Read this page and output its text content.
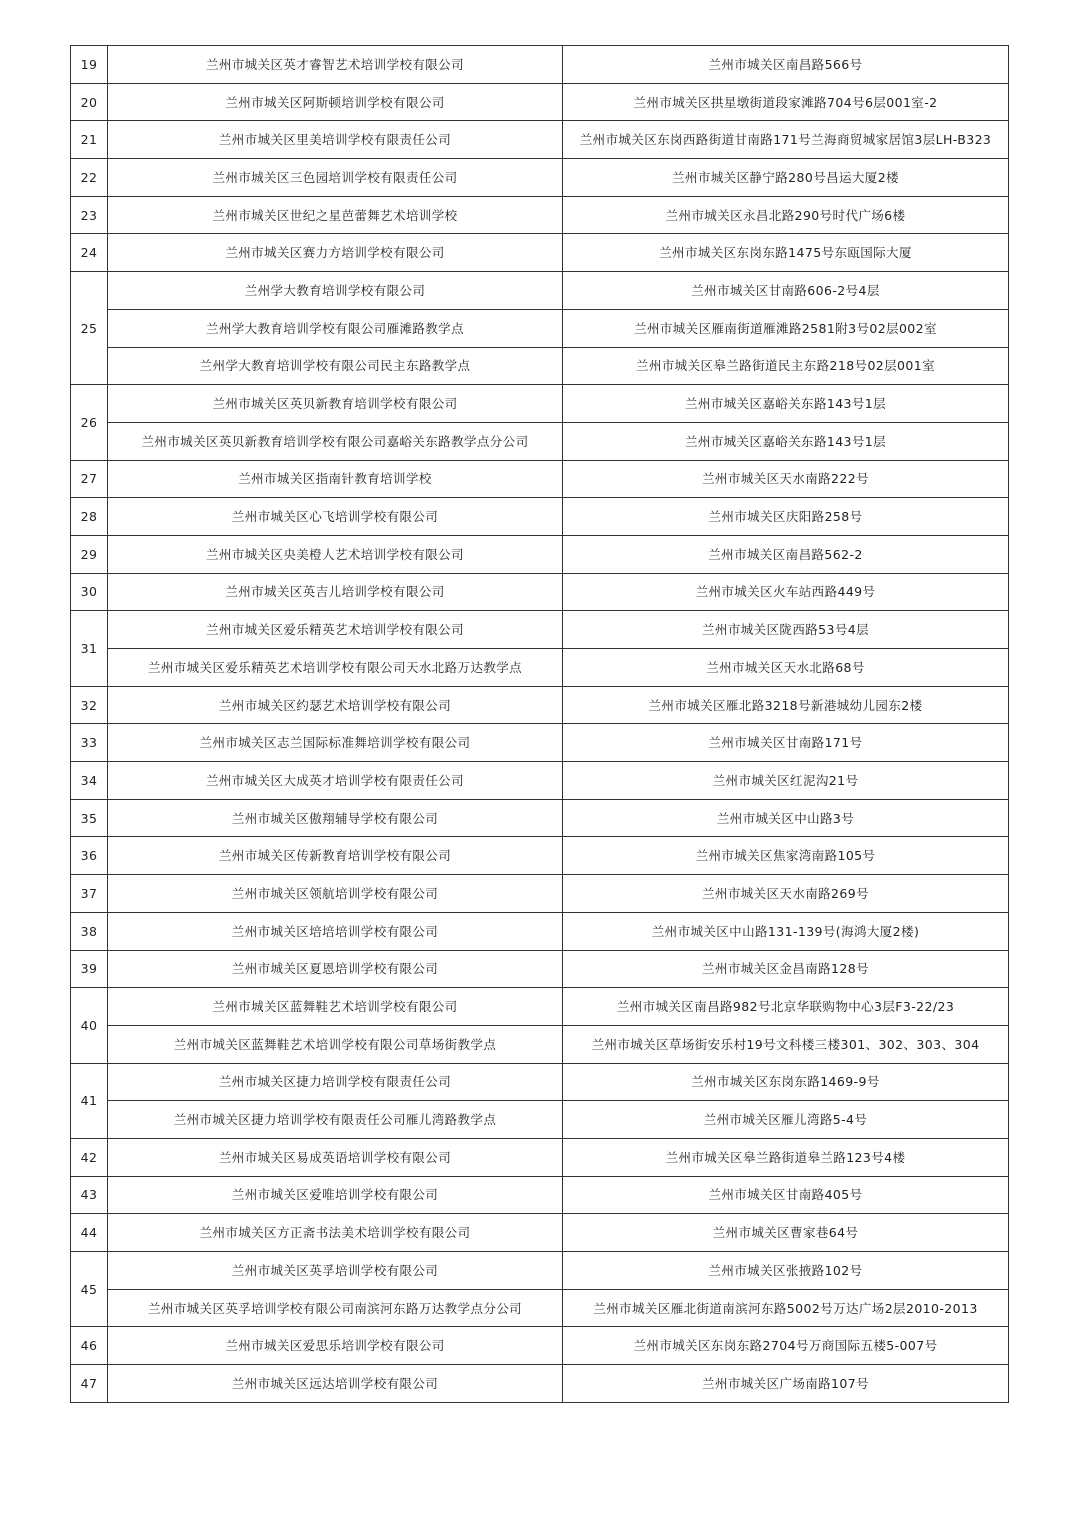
19	兰州市城关区英才睿智艺术培训学校有限公司	兰州市城关区南昌路566号
20	兰州市城关区阿斯顿培训学校有限公司	兰州市城关区拱星墩街道段家滩路704号6层001室-2
21	兰州市城关区里美培训学校有限责任公司	兰州市城关区东岗西路街道甘南路171号兰海商贸城家居馆3层LH-B323
22	兰州市城关区三色园培训学校有限责任公司	兰州市城关区静宁路280号昌运大厦2楼
23	兰州市城关区世纪之星芭蕾舞艺术培训学校	兰州市城关区永昌北路290号时代广场6楼
24	兰州市城关区赛力方培训学校有限公司	兰州市城关区东岗东路1475号东瓯国际大厦
25	兰州学大教育培训学校有限公司	兰州市城关区甘南路606-2号4层
	兰州学大教育培训学校有限公司雁滩路教学点	兰州市城关区雁南街道雁滩路2581附3号02层002室
	兰州学大教育培训学校有限公司民主东路教学点	兰州市城关区皋兰路街道民主东路218号02层001室
26	兰州市城关区英贝新教育培训学校有限公司	兰州市城关区嘉峪关东路143号1层
	兰州市城关区英贝新教育培训学校有限公司嘉峪关东路教学点分公司	兰州市城关区嘉峪关东路143号1层
27	兰州市城关区指南针教育培训学校	兰州市城关区天水南路222号
28	兰州市城关区心飞培训学校有限公司	兰州市城关区庆阳路258号
29	兰州市城关区央美橙人艺术培训学校有限公司	兰州市城关区南昌路562-2
30	兰州市城关区英吉儿培训学校有限公司	兰州市城关区火车站西路449号
31	兰州市城关区爱乐精英艺术培训学校有限公司	兰州市城关区陇西路53号4层
	兰州市城关区爱乐精英艺术培训学校有限公司天水北路万达教学点	兰州市城关区天水北路68号
32	兰州市城关区约瑟艺术培训学校有限公司	兰州市城关区雁北路3218号新港城幼儿园东2楼
33	兰州市城关区志兰国际标准舞培训学校有限公司	兰州市城关区甘南路171号
34	兰州市城关区大成英才培训学校有限责任公司	兰州市城关区红泥沟21号
35	兰州市城关区傲翔辅导学校有限公司	兰州市城关区中山路3号
36	兰州市城关区传新教育培训学校有限公司	兰州市城关区焦家湾南路105号
37	兰州市城关区领航培训学校有限公司	兰州市城关区天水南路269号
38	兰州市城关区培培培训学校有限公司	兰州市城关区中山路131-139号(海鸿大厦2楼)
39	兰州市城关区夏恩培训学校有限公司	兰州市城关区金昌南路128号
40	兰州市城关区蓝舞鞋艺术培训学校有限公司	兰州市城关区南昌路982号北京华联购物中心3层F3-22/23
	兰州市城关区蓝舞鞋艺术培训学校有限公司草场街教学点	兰州市城关区草场街安乐村19号文科楼三楼301、302、303、304
41	兰州市城关区捷力培训学校有限责任公司	兰州市城关区东岗东路1469-9号
	兰州市城关区捷力培训学校有限责任公司雁儿湾路教学点	兰州市城关区雁儿湾路5-4号
42	兰州市城关区易成英语培训学校有限公司	兰州市城关区皋兰路街道皋兰路123号4楼
43	兰州市城关区爱唯培训学校有限公司	兰州市城关区甘南路405号
44	兰州市城关区方正斋书法美术培训学校有限公司	兰州市城关区曹家巷64号
45	兰州市城关区英孚培训学校有限公司	兰州市城关区张掖路102号
	兰州市城关区英孚培训学校有限公司南滨河东路万达教学点分公司	兰州市城关区雁北街道南滨河东路5002号万达广场2层2010-2013
46	兰州市城关区爱思乐培训学校有限公司	兰州市城关区东岗东路2704号万商国际五楼5-007号
47	兰州市城关区远达培训学校有限公司	兰州市城关区广场南路107号
